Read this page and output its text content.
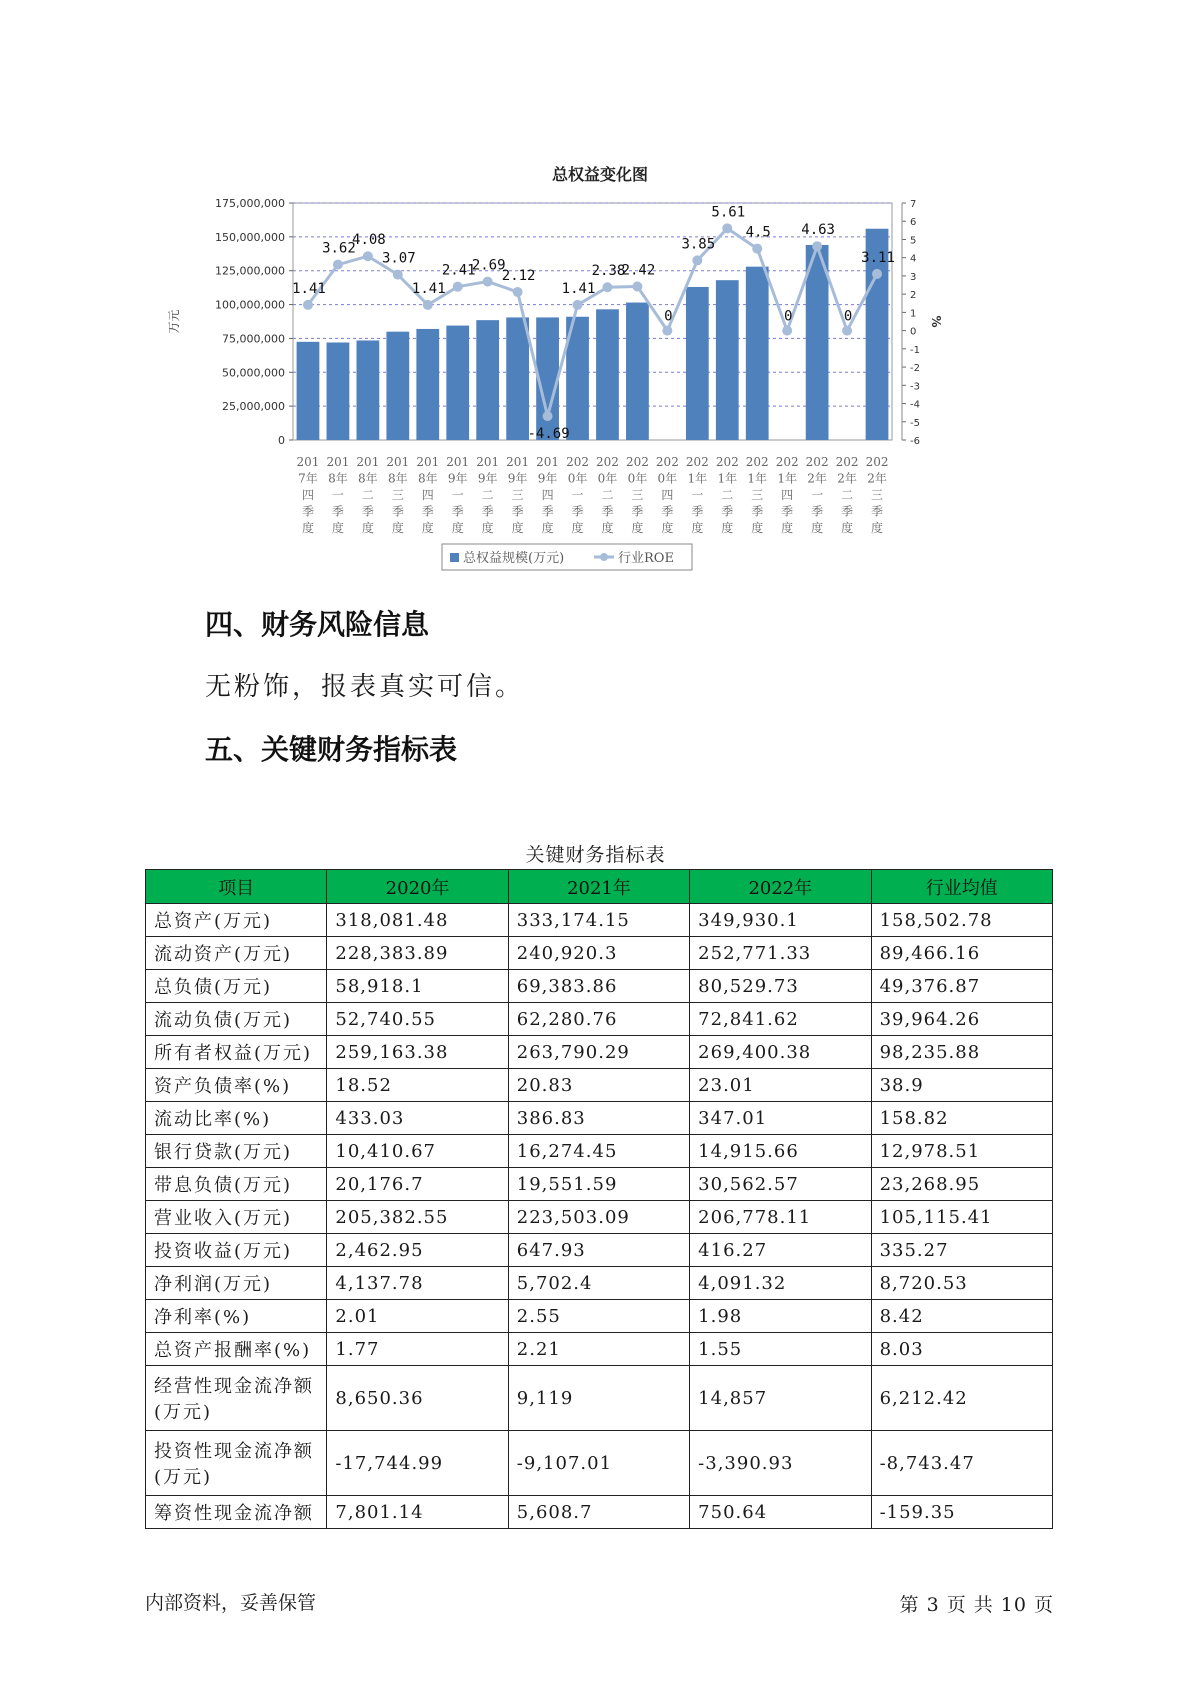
总权益变化图
0
25,000,000
50,000,000
75,000,000
100,000,000
125,000,000
150,000,000
175,000,000
-6
-5
-4
-3
-2
-1
0
1
2
3
4
5
6
7
万元	%
201
7年
四
季
度
201
8年
一
季
度
201
8年
二
季
度
201
8年
三
季
度
201
8年
四
季
度
201
9年
一
季
度
201
9年
二
季
度
201
9年
三
季
度
201
9年
四
季
度
202
0年
一
季
度
202
0年
二
季
度
202
0年
三
季
度
202
0年
四
季
度
202
1年
一
季
度
202
1年
二
季
度
202
1年
三
季
度
202
1年
四
季
度
202
2年
一
季
度
202
2年
二
季
度
202
2年
三
季
度
1.41
3.62
4.08
3.07
1.41
2.41
2.69
2.12
-4.69
1.41
2.38
2.42
0
3.85
5.61
4.5
0
4.63
0
3.11
总权益规模(万元)	行业ROE
四、财务风险信息
无粉饰，报表真实可信。
五、关键财务指标表
关键财务指标表
项目	2020年	2021年	2022年	行业均值
总资产(万元)	318,081.48	333,174.15	349,930.1	158,502.78
流动资产(万元)	228,383.89	240,920.3	252,771.33	89,466.16
总负债(万元)	58,918.1	69,383.86	80,529.73	49,376.87
流动负债(万元)	52,740.55	62,280.76	72,841.62	39,964.26
所有者权益(万元)	259,163.38	263,790.29	269,400.38	98,235.88
资产负债率(%)	18.52	20.83	23.01	38.9
流动比率(%)	433.03	386.83	347.01	158.82
银行贷款(万元)	10,410.67	16,274.45	14,915.66	12,978.51
带息负债(万元)	20,176.7	19,551.59	30,562.57	23,268.95
营业收入(万元)	205,382.55	223,503.09	206,778.11	105,115.41
投资收益(万元)	2,462.95	647.93	416.27	335.27
净利润(万元)	4,137.78	5,702.4	4,091.32	8,720.53
净利率(%)	2.01	2.55	1.98	8.42
总资产报酬率(%)	1.77	2.21	1.55	8.03
经营性现金流净额(万元)	8,650.36	9,119	14,857	6,212.42
投资性现金流净额(万元)	-17,744.99	-9,107.01	-3,390.93	-8,743.47
筹资性现金流净额	7,801.14	5,608.7	750.64	-159.35
内部资料，妥善保管	第 3 页 共 10 页
